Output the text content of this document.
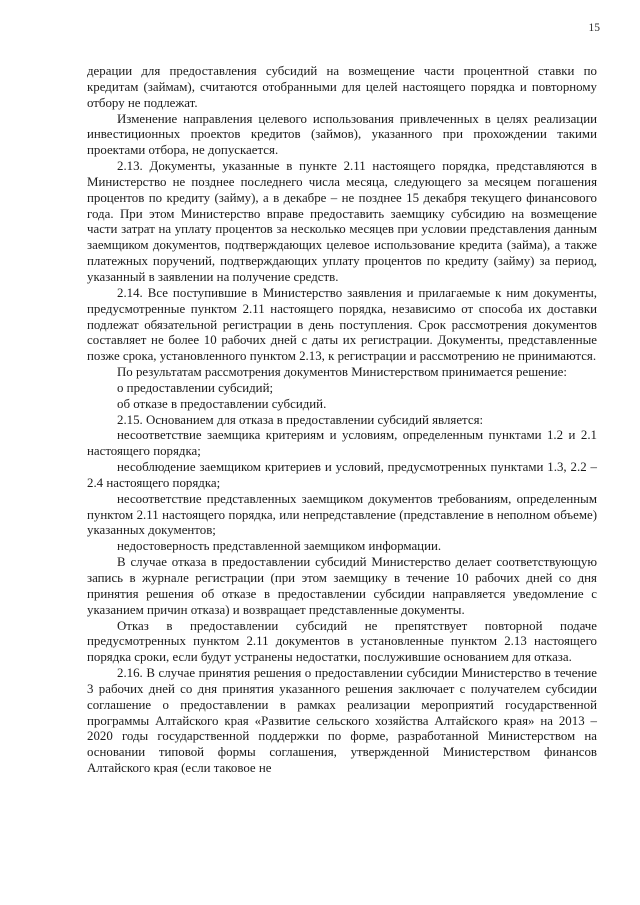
15

дерации для предоставления субсидий на возмещение части процентной ставки по кредитам (займам), считаются отобранными для целей настоящего порядка и повторному отбору не подлежат.

Изменение направления целевого использования привлеченных в целях реализации инвестиционных проектов кредитов (займов), указанного при прохождении такими проектами отбора, не допускается.

2.13. Документы, указанные в пункте 2.11 настоящего порядка, представляются в Министерство не позднее последнего числа месяца, следующего за месяцем погашения процентов по кредиту (займу), а в декабре – не позднее 15 декабря текущего финансового года. При этом Министерство вправе предоставить заемщику субсидию на возмещение части затрат на уплату процентов за несколько месяцев при условии представления данным заемщиком документов, подтверждающих целевое использование кредита (займа), а также платежных поручений, подтверждающих уплату процентов по кредиту (займу) за период, указанный в заявлении на получение средств.

2.14. Все поступившие в Министерство заявления и прилагаемые к ним документы, предусмотренные пунктом 2.11 настоящего порядка, независимо от способа их доставки подлежат обязательной регистрации в день поступления. Срок рассмотрения документов составляет не более 10 рабочих дней с даты их регистрации. Документы, представленные позже срока, установленного пунктом 2.13, к регистрации и рассмотрению не принимаются.

По результатам рассмотрения документов Министерством принимается решение:

о предоставлении субсидий;

об отказе в предоставлении субсидий.

2.15. Основанием для отказа в предоставлении субсидий является:

несоответствие заемщика критериям и условиям, определенным пунктами 1.2 и 2.1 настоящего порядка;

несоблюдение заемщиком критериев и условий, предусмотренных пунктами 1.3, 2.2 – 2.4 настоящего порядка;

несоответствие представленных заемщиком документов требованиям, определенным пунктом 2.11 настоящего порядка, или непредставление (представление в неполном объеме) указанных документов;

недостоверность представленной заемщиком информации.

В случае отказа в предоставлении субсидий Министерство делает соответствующую запись в журнале регистрации (при этом заемщику в течение 10 рабочих дней со дня принятия решения об отказе в предоставлении субсидии направляется уведомление с указанием причин отказа) и возвращает представленные документы.

Отказ в предоставлении субсидий не препятствует повторной подаче предусмотренных пунктом 2.11 документов в установленные пунктом 2.13 настоящего порядка сроки, если будут устранены недостатки, послужившие основанием для отказа.

2.16. В случае принятия решения о предоставлении субсидии Министерство в течение 3 рабочих дней со дня принятия указанного решения заключает с получателем субсидии соглашение о предоставлении в рамках реализации мероприятий государственной программы Алтайского края «Развитие сельского хозяйства Алтайского края» на 2013 – 2020 годы государственной поддержки по форме, разработанной Министерством на основании типовой формы соглашения, утвержденной Министерством финансов Алтайского края (если таковое не
